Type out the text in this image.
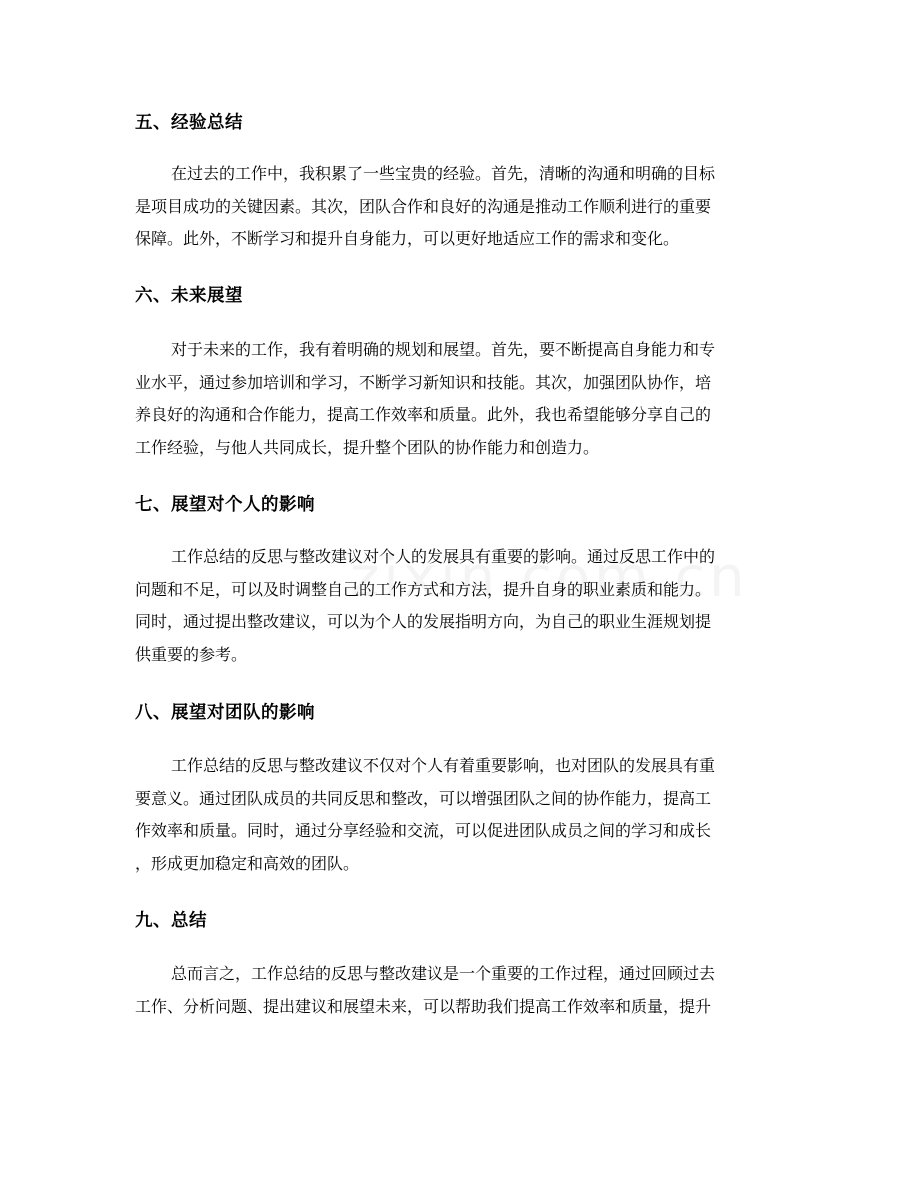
五、经验总结

在过去的工作中，我积累了一些宝贵的经验。首先，清晰的沟通和明确的目标
是项目成功的关键因素。其次，团队合作和良好的沟通是推动工作顺利进行的重要
保障。此外，不断学习和提升自身能力，可以更好地适应工作的需求和变化。

六、未来展望

对于未来的工作，我有着明确的规划和展望。首先，要不断提高自身能力和专
业水平，通过参加培训和学习，不断学习新知识和技能。其次，加强团队协作，培
养良好的沟通和合作能力，提高工作效率和质量。此外，我也希望能够分享自己的
工作经验，与他人共同成长，提升整个团队的协作能力和创造力。

七、展望对个人的影响

工作总结的反思与整改建议对个人的发展具有重要的影响。通过反思工作中的
问题和不足，可以及时调整自己的工作方式和方法，提升自身的职业素质和能力。
同时，通过提出整改建议，可以为个人的发展指明方向，为自己的职业生涯规划提
供重要的参考。

八、展望对团队的影响

工作总结的反思与整改建议不仅对个人有着重要影响，也对团队的发展具有重
要意义。通过团队成员的共同反思和整改，可以增强团队之间的协作能力，提高工
作效率和质量。同时，通过分享经验和交流，可以促进团队成员之间的学习和成长
，形成更加稳定和高效的团队。

九、总结

总而言之，工作总结的反思与整改建议是一个重要的工作过程，通过回顾过去
工作、分析问题、提出建议和展望未来，可以帮助我们提高工作效率和质量，提升
